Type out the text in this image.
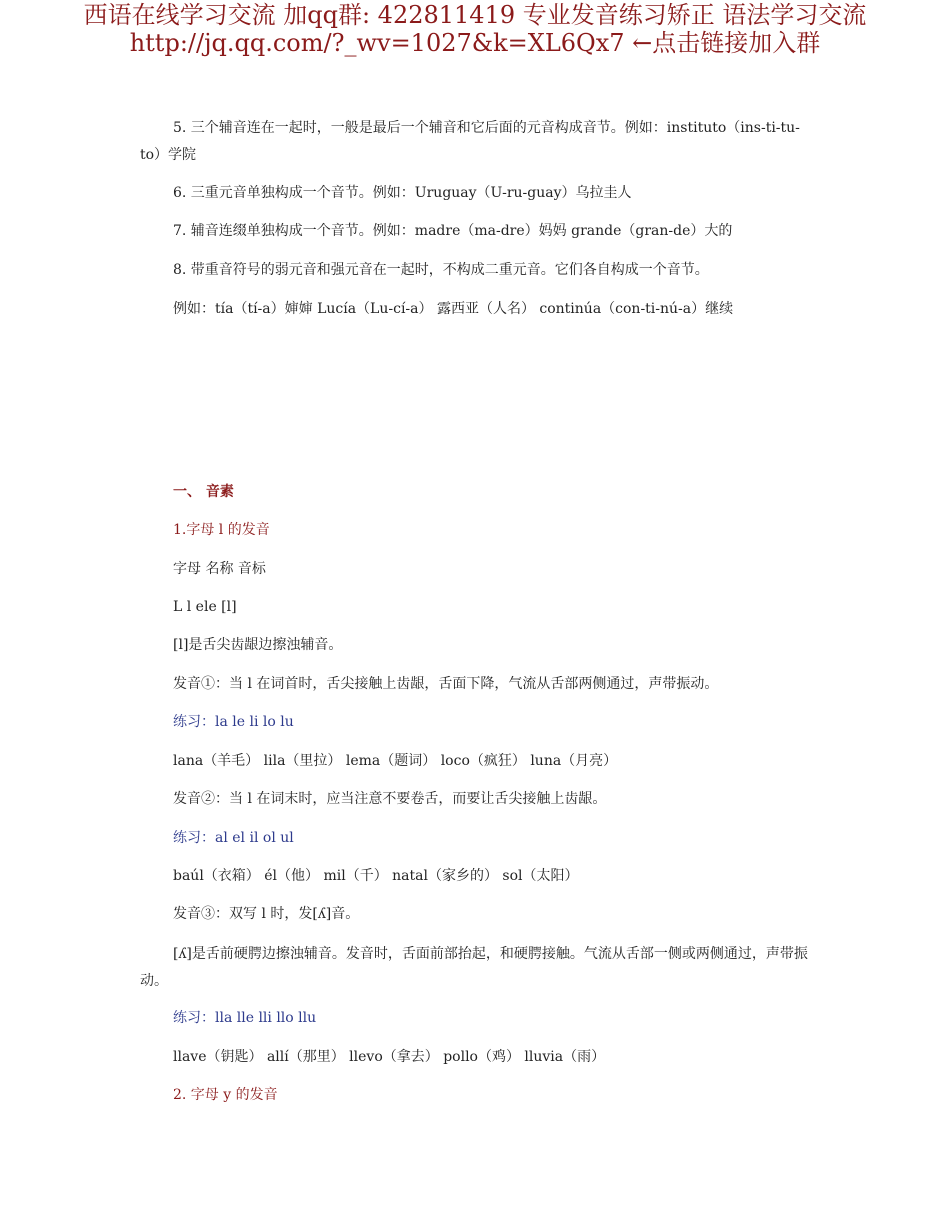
西语在线学习交流 加qq群: 422811419 专业发音练习矫正 语法学习交流
http://jq.qq.com/?_wv=1027&k=XL6Qx7 ←点击链接加入群
5. 三个辅音连在一起时，一般是最后一个辅音和它后面的元音构成音节。例如：instituto（ins-ti-tu-to）学院
6. 三重元音单独构成一个音节。例如：Uruguay（U-ru-guay）乌拉圭人
7. 辅音连缀单独构成一个音节。例如：madre（ma-dre）妈妈 grande（gran-de）大的
8. 带重音符号的弱元音和强元音在一起时，不构成二重元音。它们各自构成一个音节。
例如：tía（tí-a）婶婶 Lucía（Lu-cí-a） 露西亚（人名） continúa（con-ti-nú-a）继续
一、 音素
1.字母 l 的发音
字母 名称 音标
L l ele [l]
[l]是舌尖齿龈边擦浊辅音。
发音①：当 l 在词首时，舌尖接触上齿龈，舌面下降，气流从舌部两侧通过，声带振动。
练习：la le li lo lu
lana（羊毛） lila（里拉） lema（题词） loco（疯狂） luna（月亮）
发音②：当 l 在词末时，应当注意不要卷舌，而要让舌尖接触上齿龈。
练习：al el il ol ul
baúl（衣箱） él（他） mil（千） natal（家乡的） sol（太阳）
发音③：双写 l 时，发[ʎ]音。
[ʎ]是舌前硬腭边擦浊辅音。发音时，舌面前部抬起，和硬腭接触。气流从舌部一侧或两侧通过，声带振动。
练习：lla lle lli llo llu
llave（钥匙） allí（那里） llevo（拿去） pollo（鸡） lluvia（雨）
2. 字母 y 的发音
